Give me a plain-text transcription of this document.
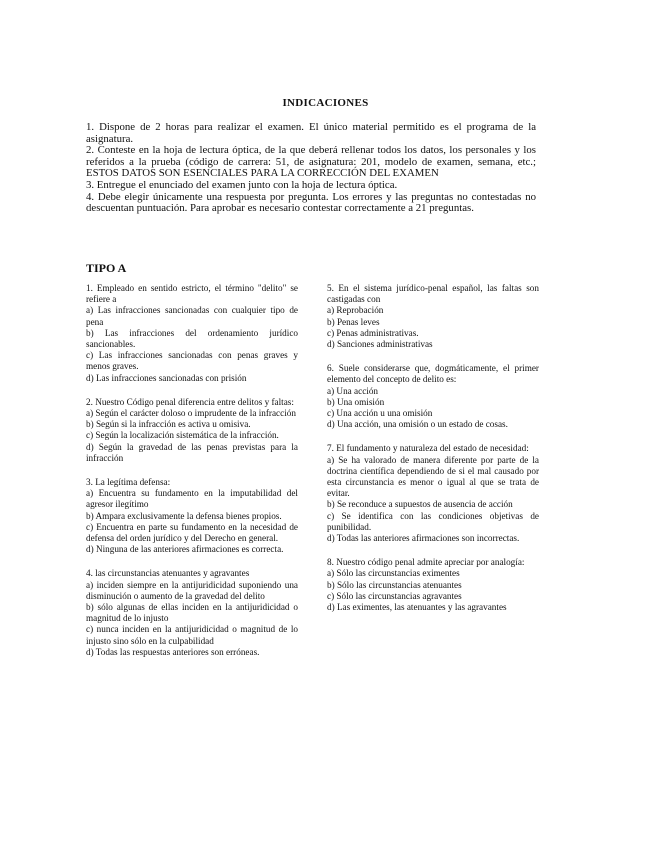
INDICACIONES

1. Dispone de 2 horas para realizar el examen. El único material permitido es el programa de la asignatura.

2. Conteste en la hoja de lectura óptica, de la que deberá rellenar todos los datos, los personales y los referidos a la prueba (código de carrera: 51, de asignatura: 201, modelo de examen, semana, etc.; ESTOS DATOS SON ESENCIALES PARA LA CORRECCIÓN DEL EXAMEN

3. Entregue el enunciado del examen junto con la hoja de lectura óptica.

4. Debe elegir únicamente una respuesta por pregunta. Los errores y las preguntas no contestadas no descuentan puntuación. Para aprobar es necesario contestar correctamente a 21 preguntas.

TIPO A

1. Empleado en sentido estricto, el término "delito" se refiere a

a) Las infracciones sancionadas con cualquier tipo de pena

b) Las infracciones del ordenamiento jurídico sancionables.

c) Las infracciones sancionadas con penas graves y menos graves.

d) Las infracciones sancionadas con prisión

2. Nuestro Código penal diferencia entre delitos y faltas:

a) Según el carácter doloso o imprudente de la infracción

b) Según si la infracción es activa u omisiva.

c) Según la localización sistemática de la infracción.

d) Según la gravedad de las penas previstas para la infracción

3. La legítima defensa:

a) Encuentra su fundamento en la imputabilidad del agresor ilegítimo

b) Ampara exclusivamente la defensa bienes propios.

c) Encuentra en parte su fundamento en la necesidad de defensa del orden jurídico y del Derecho en general.

d) Ninguna de las anteriores afirmaciones es correcta.

4. las circunstancias atenuantes y agravantes

a) inciden siempre en la antijuridicidad suponiendo una disminución o aumento de la gravedad del delito

b) sólo algunas de ellas inciden en la antijuridicidad o magnitud de lo injusto

c) nunca inciden en la antijuridicidad o magnitud de lo injusto sino sólo en la culpabilidad

d) Todas las respuestas anteriores son erróneas.

5. En el sistema jurídico-penal español, las faltas son castigadas con

a) Reprobación

b) Penas leves

c) Penas administrativas.

d) Sanciones administrativas

6. Suele considerarse que, dogmáticamente, el primer elemento del concepto de delito es:

a) Una acción

b) Una omisión

c) Una acción u una omisión

d) Una acción, una omisión o un estado de cosas.

7. El fundamento y naturaleza del estado de necesidad:

a) Se ha valorado de manera diferente por parte de la doctrina científica dependiendo de si el mal causado por esta circunstancia es menor o igual al que se trata de evitar.

b) Se reconduce a supuestos de ausencia de acción

c) Se identifica con las condiciones objetivas de punibilidad.

d) Todas las anteriores afirmaciones son incorrectas.

8. Nuestro código penal admite apreciar por analogía:

a) Sólo las circunstancias eximentes

b) Sólo las circunstancias atenuantes

c) Sólo las circunstancias agravantes

d) Las eximentes, las atenuantes y las agravantes
